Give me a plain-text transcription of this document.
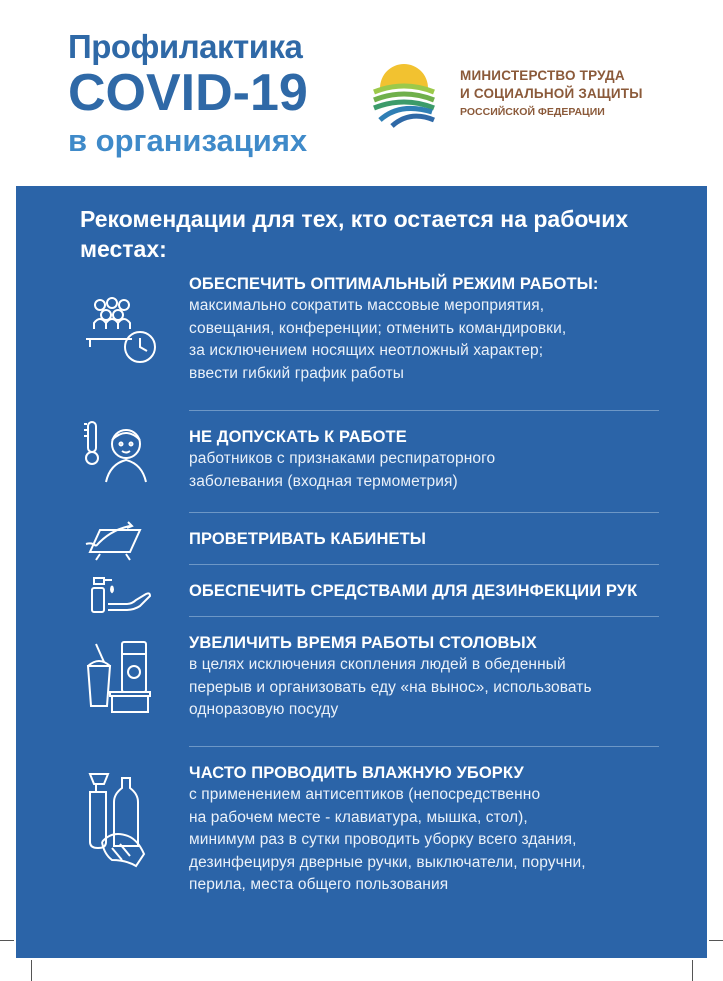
Профилактика
COVID-19
в организациях
МИНИСТЕРСТВО ТРУДА
И СОЦИАЛЬНОЙ ЗАЩИТЫ
РОССИЙСКОЙ ФЕДЕРАЦИИ
Рекомендации для тех, кто остается на рабочих местах:
ОБЕСПЕЧИТЬ ОПТИМАЛЬНЫЙ РЕЖИМ РАБОТЫ:
максимально сократить массовые мероприятия,
совещания, конференции; отменить командировки,
за исключением носящих неотложный характер;
ввести гибкий график работы
НЕ ДОПУСКАТЬ К РАБОТЕ
работников с признаками респираторного
заболевания (входная термометрия)
ПРОВЕТРИВАТЬ КАБИНЕТЫ
ОБЕСПЕЧИТЬ СРЕДСТВАМИ ДЛЯ ДЕЗИНФЕКЦИИ РУК
УВЕЛИЧИТЬ ВРЕМЯ РАБОТЫ СТОЛОВЫХ
в целях исключения скопления людей в обеденный
перерыв и организовать еду «на вынос», использовать
одноразовую посуду
ЧАСТО ПРОВОДИТЬ ВЛАЖНУЮ УБОРКУ
с применением антисептиков (непосредственно
на рабочем месте - клавиатура, мышка, стол),
минимум раз в сутки проводить уборку всего здания,
дезинфецируя дверные ручки, выключатели, поручни,
перила, места общего пользования
